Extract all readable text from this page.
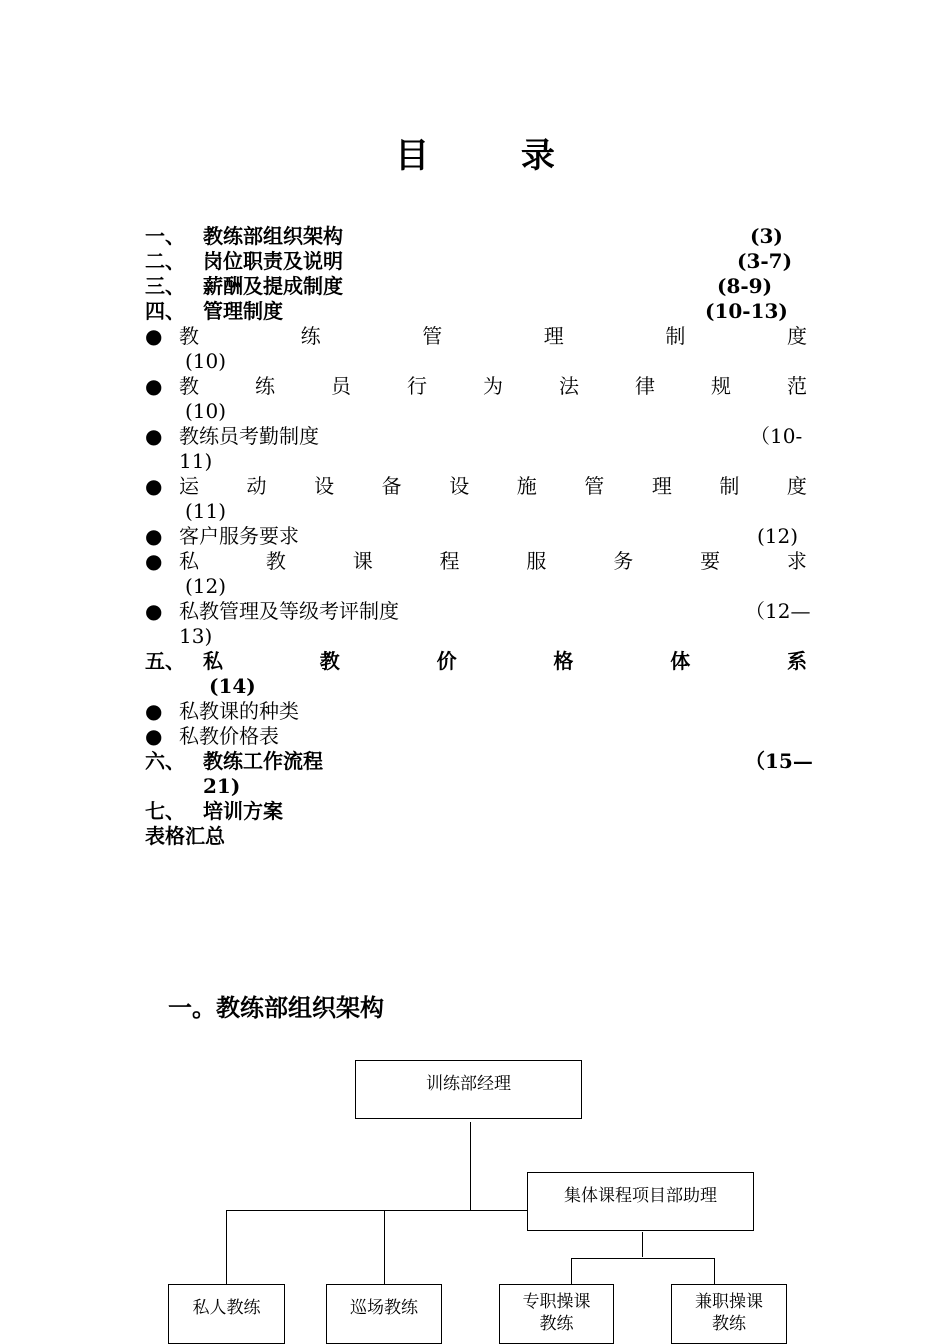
目 录
一、 教练部组织架构	(3)
二、 岗位职责及说明	(3-7)
三、 薪酬及提成制度	(8-9)
四、 管理制度	(10-13)
● 教	练	管	理	制	度
(10)
● 教	练	员	行	为	法	律	规	范
(10)
● 教练员考勤制度	（10-
11)
● 运 动 设 备 设 施 管 理 制 度
(11)
● 客户服务要求	(12)
● 私	教	课	程	服	务	要	求
(12)
● 私教管理及等级考评制度	（12—
13)
五、 私	教	价	格	体	系
(14)
● 私教课的种类
● 私教价格表
六、 教练工作流程	（15—
21)
七、 培训方案
表格汇总
一。教练部组织架构
训练部经理
集体课程项目部助理
私人教练	巡场教练	专职操课
教练
兼职操课
教练
